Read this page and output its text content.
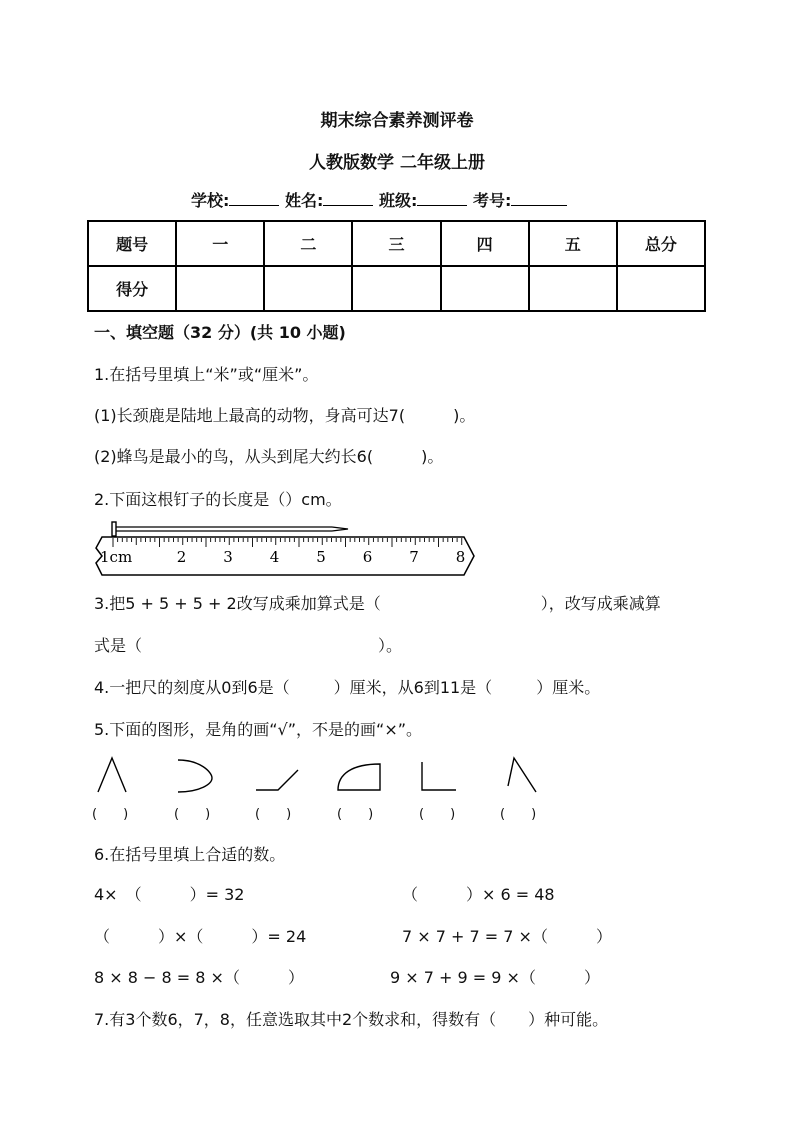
期末综合素养测评卷
人教版数学 二年级上册
学校:	姓名:	班级:	考号:
题号	一	二	三	四	五	总分
得分						
一、填空题（32 分）(共 10 小题)
1.在括号里填上“米”或“厘米”。
(1)长颈鹿是陆地上最高的动物，身高可达7(	)。
(2)蜂鸟是最小的鸟，从头到尾大约长6(	)。
2.下面这根钉子的长度是（）cm。
1cm	2 3 4 5 6 7 8
3.把5 + 5 + 5 + 2改写成乘加算式是（	），改写成乘减算
式是（	）。
4.一把尺的刻度从0到6是（	）厘米，从6到11是（	）厘米。
5.下面的图形，是角的画“√”，不是的画“×”。
(　　)	(　　)	(　　)	(　　)	(　　)	(　　)
6.在括号里填上合适的数。
4×　（　　　）= 32	（　　　）× 6 = 48
（　　　）×（　　　）= 24	7 × 7 + 7 = 7 ×（　　　）
8 × 8 − 8 = 8 ×（　　　）	9 × 7 + 9 = 9 ×（　　　）
7.有3个数6，7，8，任意选取其中2个数求和，得数有（　　）种可能。
